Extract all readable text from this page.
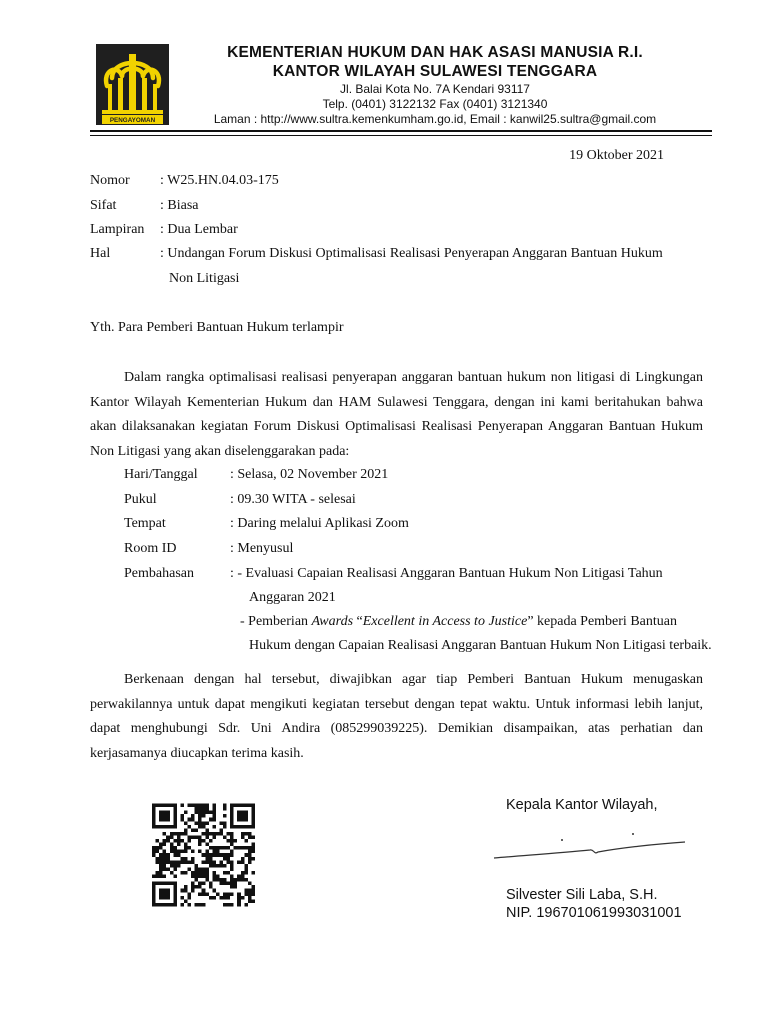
PENGAYOMAN
KEMENTERIAN HUKUM DAN HAK ASASI MANUSIA R.I.
KANTOR WILAYAH SULAWESI TENGGARA
Jl. Balai Kota No. 7A Kendari 93117
Telp. (0401) 3122132 Fax (0401) 3121340
Laman : http://www.sultra.kemenkumham.go.id, Email : kanwil25.sultra@gmail.com
19 Oktober 2021
Nomor : W25.HN.04.03-175
Sifat	: Biasa
Lampiran : Dua Lembar
Hal	: Undangan Forum Diskusi Optimalisasi Realisasi Penyerapan Anggaran Bantuan Hukum
Non Litigasi
Yth. Para Pemberi Bantuan Hukum terlampir

Dalam rangka optimalisasi realisasi penyerapan anggaran bantuan hukum non litigasi di Lingkungan Kantor Wilayah Kementerian Hukum dan HAM Sulawesi Tenggara, dengan ini kami beritahukan bahwa akan dilaksanakan kegiatan Forum Diskusi Optimalisasi Realisasi Penyerapan Anggaran Bantuan Hukum Non Litigasi yang akan diselenggarakan pada:

Hari/Tanggal : Selasa, 02 November 2021
Pukul	: 09.30 WITA - selesai
Tempat	: Daring melalui Aplikasi Zoom
Room ID	: Menyusul
Pembahasan	: - Evaluasi Capaian Realisasi Anggaran Bantuan Hukum Non Litigasi Tahun
Anggaran 2021
- Pemberian Awards “Excellent in Access to Justice” kepada Pemberi Bantuan
Hukum dengan Capaian Realisasi Anggaran Bantuan Hukum Non Litigasi terbaik.

Berkenaan dengan hal tersebut, diwajibkan agar tiap Pemberi Bantuan Hukum menugaskan perwakilannya untuk dapat mengikuti kegiatan tersebut dengan tepat waktu. Untuk informasi lebih lanjut, dapat menghubungi Sdr. Uni Andira (085299039225). Demikian disampaikan, atas perhatian dan kerjasamanya diucapkan terima kasih.

Kepala Kantor Wilayah,
Silvester Sili Laba, S.H.
NIP. 196701061993031001
